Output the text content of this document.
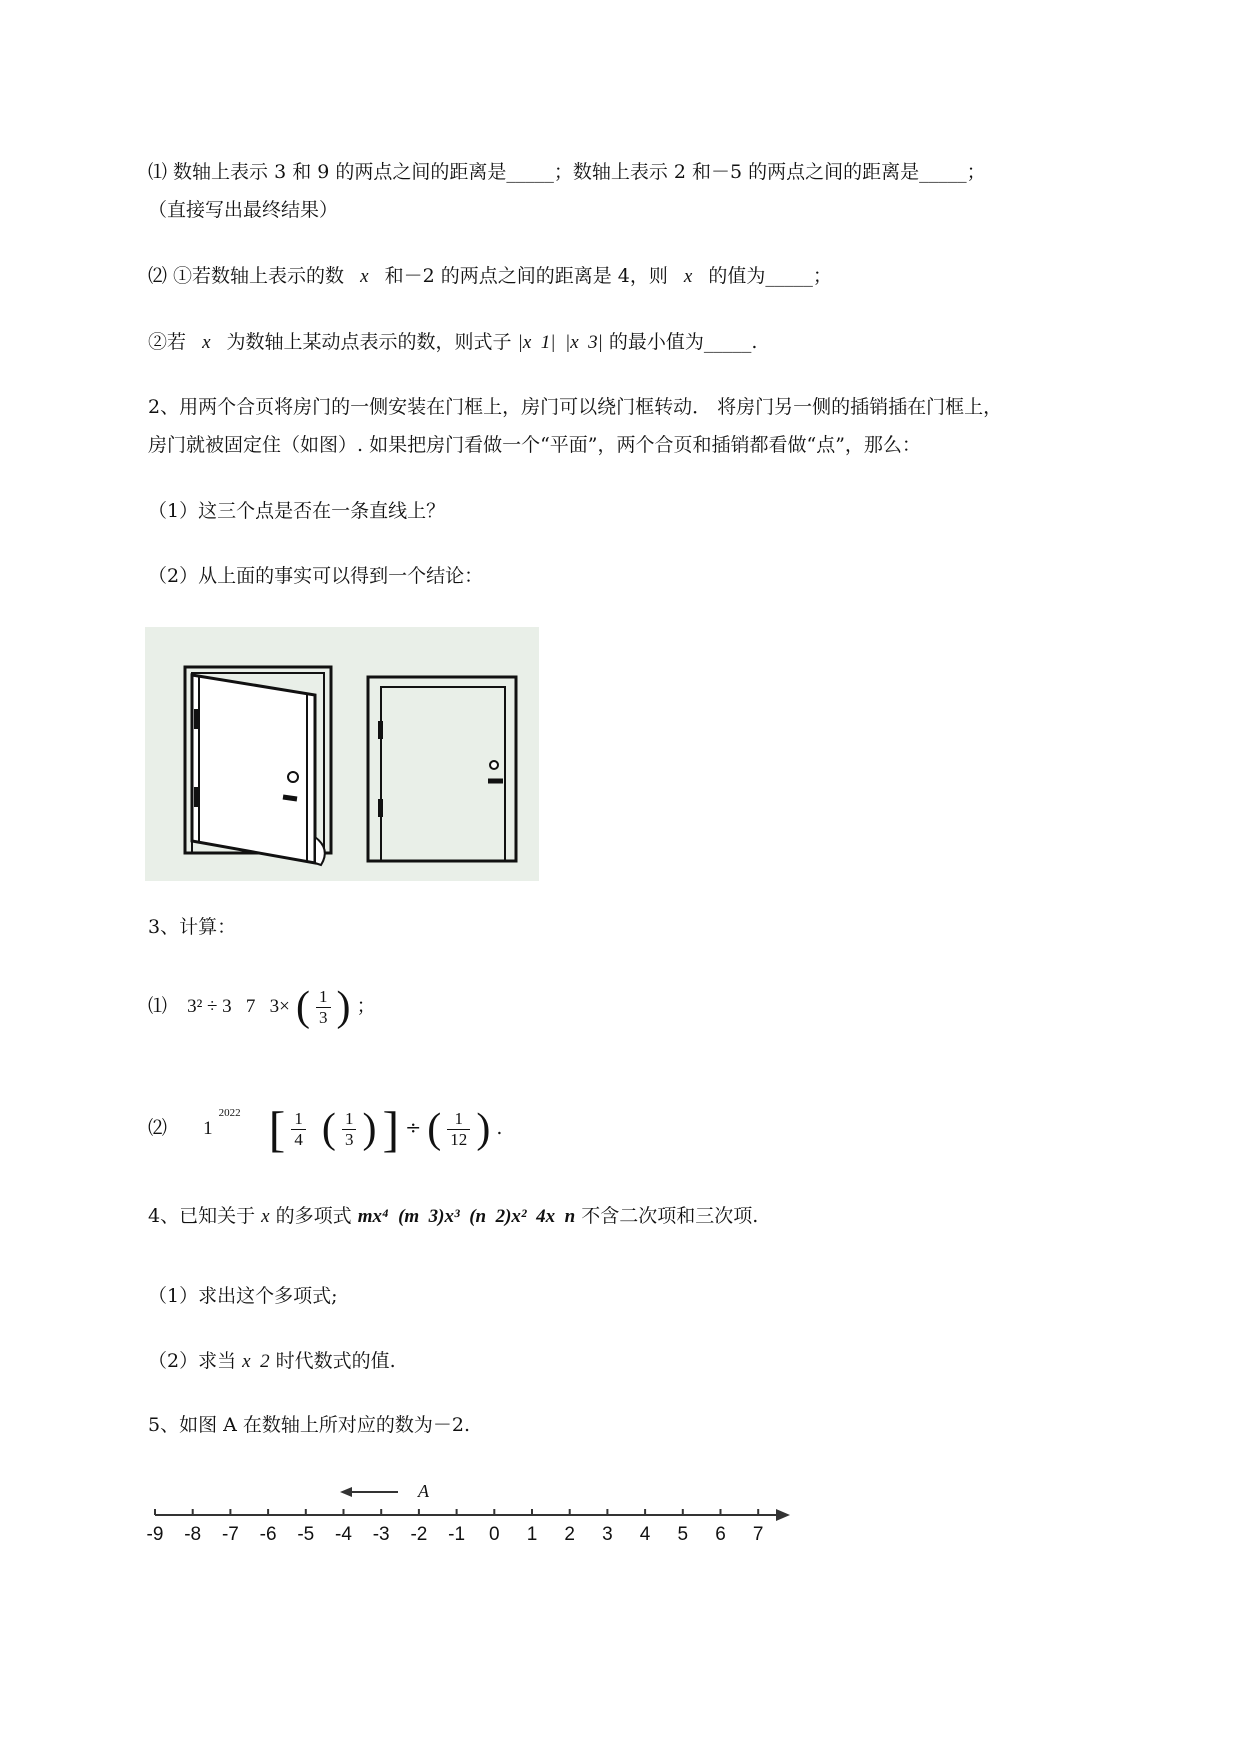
⑴ 数轴上表示 3 和 9 的两点之间的距离是_____；数轴上表示 2 和－5 的两点之间的距离是_____；
（直接写出最终结果）
⑵ ①若数轴上表示的数 x 和－2 的两点之间的距离是 4，则 x 的值为_____；
②若 x 为数轴上某动点表示的数，则式子 |x  1|  |x  3| 的最小值为_____.
2、用两个合页将房门的一侧安装在门框上，房门可以绕门框转动． 将房门另一侧的插销插在门框上，
房门就被固定住（如图）. 如果把房门看做一个“平面”，两个合页和插销都看做“点”，那么：
（1）这三个点是否在一条直线上？
（2）从上面的事实可以得到一个结论：
3、计算：
⑴ 3² ÷ 3   7   3× ( $\frac{1}{3}$ ) ；
⑵ 1 $^{2022}$ [ $\frac{1}{4}$ ( $\frac{1}{3}$ ) ] ÷ ( $\frac{1}{12}$ ) .
4、已知关于 x 的多项式 mx⁴  (m  3)x³  (n  2)x²  4x  n 不含二次项和三次项.
（1）求出这个多项式;
（2）求当 x  2 时代数式的值.
5、如图 A 在数轴上所对应的数为－2.
A
-9 -8 -7 -6 -5 -4 -3 -2 -1 0 1 2 3 4 5 6 7
